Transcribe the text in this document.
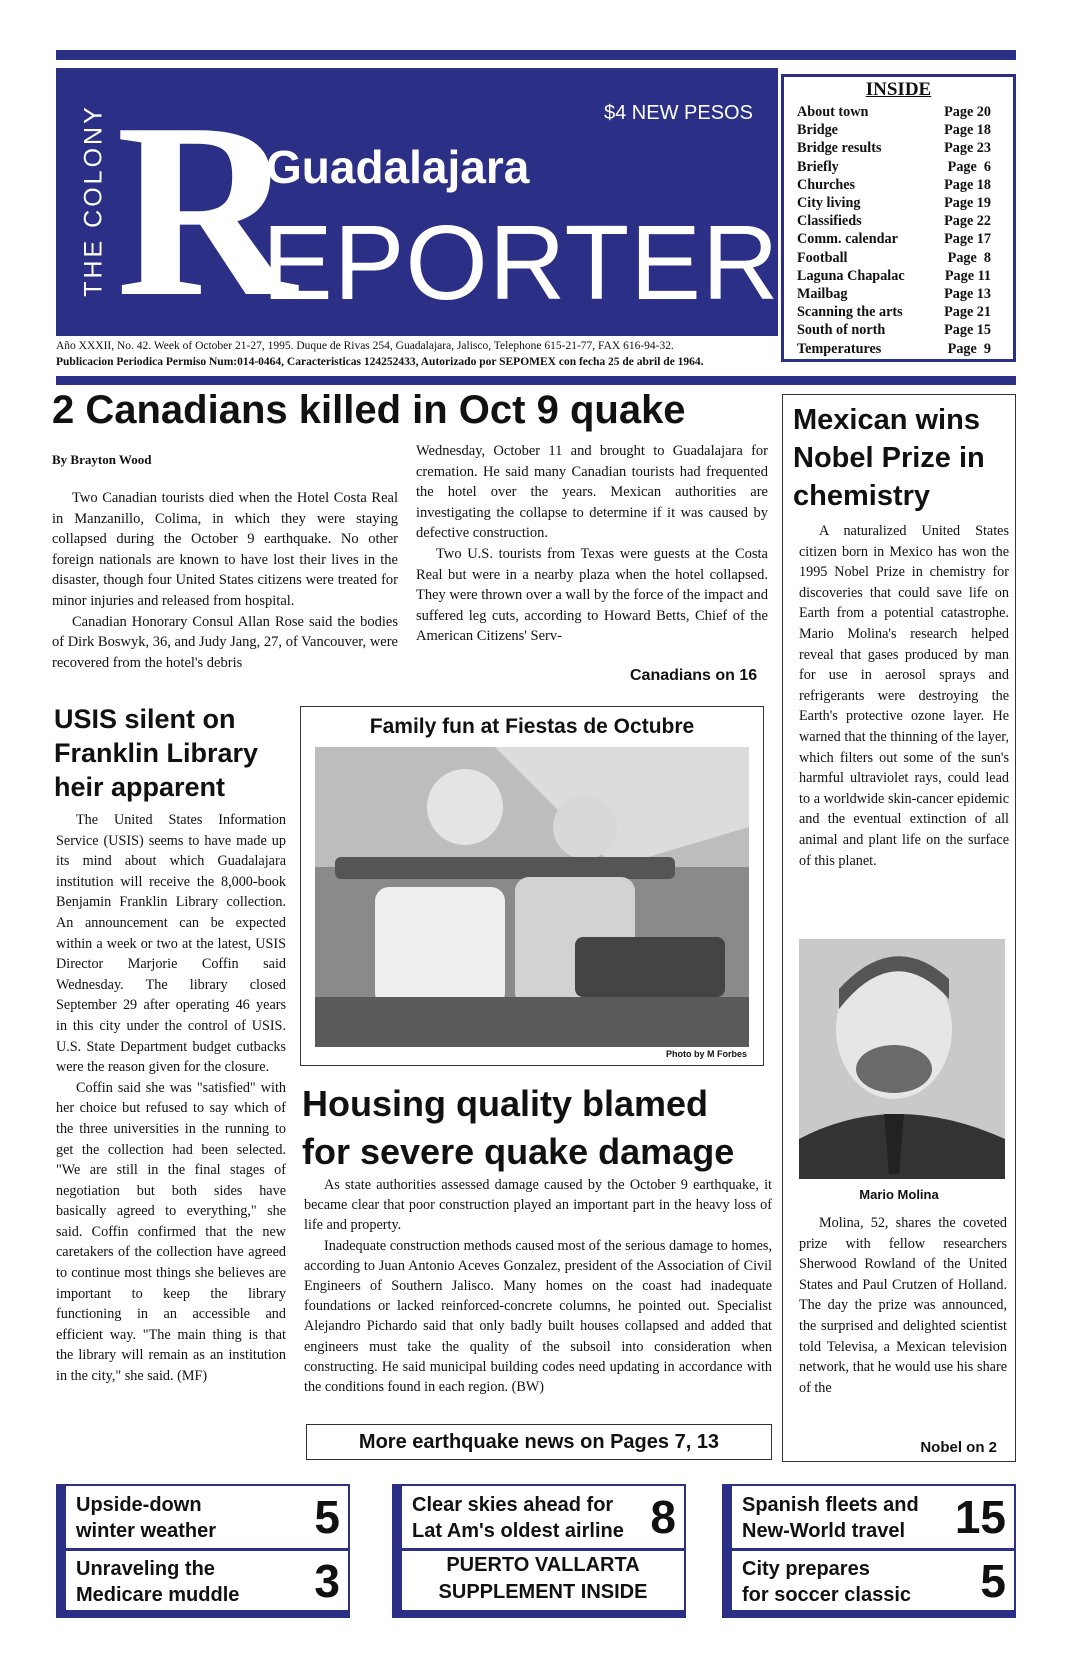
THE COLONY R	$4 NEW PESOS
Guadalajara
EPORTER
Año XXXII, No. 42. Week of October 21-27, 1995. Duque de Rivas 254, Guadalajara, Jalisco, Telephone 615-21-77, FAX 616-94-32.
Publicacion Periodica Permiso Num:014-0464, Caracteristicas 124252433, Autorizado por SEPOMEX con fecha 25 de abril de 1964.
INSIDE
About town	Page 20
Bridge	Page 18
Bridge results	Page 23
Briefly	Page  6
Churches	Page 18
City living	Page 19
Classifieds	Page 22
Comm. calendar	Page 17
Football	Page  8
Laguna Chapalac	Page 11
Mailbag	Page 13
Scanning the arts	Page 21
South of north	Page 15
Temperatures	Page  9
2 Canadians killed in Oct 9 quake
By Brayton Wood

Two Canadian tourists died when the Hotel Costa Real in Manzanillo, Colima, in which they were staying collapsed during the October 9 earthquake. No other foreign nationals are known to have lost their lives in the disaster, though four United States citizens were treated for minor injuries and released from hospital.

Canadian Honorary Consul Allan Rose said the bodies of Dirk Boswyk, 36, and Judy Jang, 27, of Vancouver, were recovered from the hotel's debris

Wednesday, October 11 and brought to Guadalajara for cremation. He said many Canadian tourists had frequented the hotel over the years. Mexican authorities are investigating the collapse to determine if it was caused by defective construction.

Two U.S. tourists from Texas were guests at the Costa Real but were in a nearby plaza when the hotel collapsed. They were thrown over a wall by the force of the impact and suffered leg cuts, according to Howard Betts, Chief of the American Citizens' Serv-

Canadians on 16
USIS silent on Franklin Library heir apparent

The United States Information Service (USIS) seems to have made up its mind about which Guadalajara institution will receive the 8,000-book Benjamin Franklin Library collection. An announcement can be expected within a week or two at the latest, USIS Director Marjorie Coffin said Wednesday. The library closed September 29 after operating 46 years in this city under the control of USIS. U.S. State Department budget cutbacks were the reason given for the closure.

Coffin said she was "satisfied" with her choice but refused to say which of the three universities in the running to get the collection had been selected. "We are still in the final stages of negotiation but both sides have basically agreed to everything," she said. Coffin confirmed that the new caretakers of the collection have agreed to continue most things she believes are important to keep the library functioning in an accessible and efficient way. "The main thing is that the library will remain as an institution in the city," she said. (MF)

Family fun at Fiestas de Octubre
Photo by M Forbes
Housing quality blamed
for severe quake damage

As state authorities assessed damage caused by the October 9 earthquake, it became clear that poor construction played an important part in the heavy loss of life and property.

Inadequate construction methods caused most of the serious damage to homes, according to Juan Antonio Aceves Gonzalez, president of the Association of Civil Engineers of Southern Jalisco. Many homes on the coast had inadequate foundations or lacked reinforced-concrete columns, he pointed out. Specialist Alejandro Pichardo said that only badly built houses collapsed and added that engineers must take the quality of the subsoil into consideration when constructing. He said municipal building codes need updating in accordance with the conditions found in each region. (BW)

More earthquake news on Pages 7, 13
Mexican wins Nobel Prize in chemistry

A naturalized United States citizen born in Mexico has won the 1995 Nobel Prize in chemistry for discoveries that could save life on Earth from a potential catastrophe. Mario Molina's research helped reveal that gases produced by man for use in aerosol sprays and refrigerants were destroying the Earth's protective ozone layer. He warned that the thinning of the layer, which filters out some of the sun's harmful ultraviolet rays, could lead to a worldwide skin-cancer epidemic and the eventual extinction of all animal and plant life on the surface of this planet.

Mario Molina

Molina, 52, shares the coveted prize with fellow researchers Sherwood Rowland of the United States and Paul Crutzen of Holland. The day the prize was announced, the surprised and delighted scientist told Televisa, a Mexican television network, that he would use his share of the

Nobel on 2
Upside-down
winter weather 5
Unraveling the
Medicare muddle 3
Clear skies ahead for
Lat Am's oldest airline 8
PUERTO VALLARTA
SUPPLEMENT INSIDE
Spanish fleets and
New-World travel 15
City prepares
for soccer classic 5
